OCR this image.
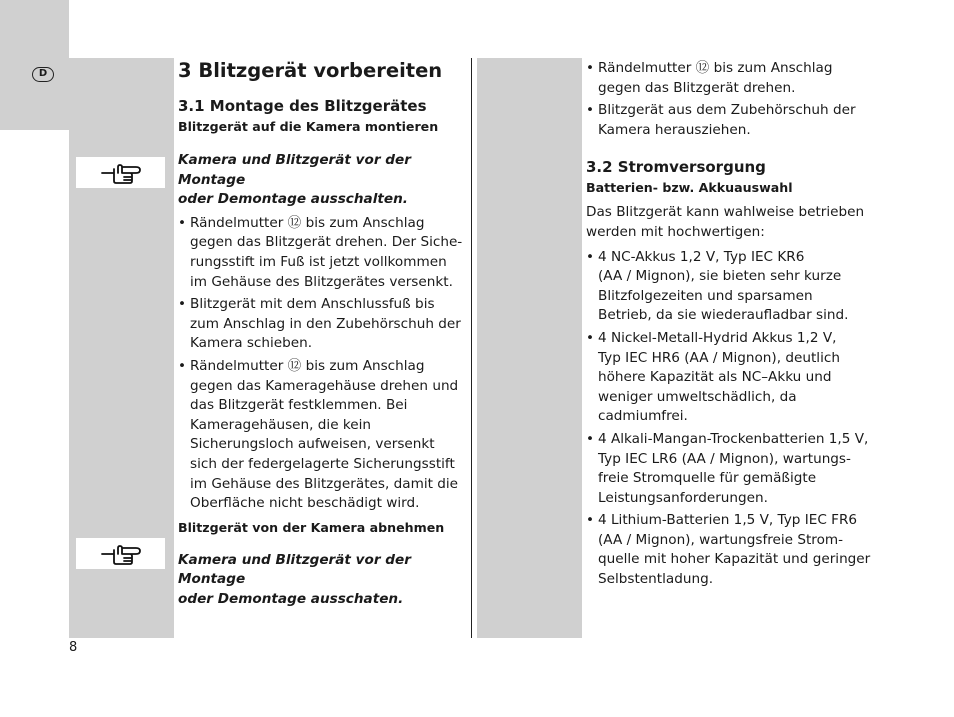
D	3 Blitzgerät vorbereiten
3.1 Montage des Blitzgerätes
Blitzgerät auf die Kamera montieren
Kamera und Blitzgerät vor der Montage
oder Demontage ausschalten.
• Rändelmutter ⑫ bis zum Anschlag
gegen das Blitzgerät drehen. Der Siche-
rungsstift im Fuß ist jetzt vollkommen
im Gehäuse des Blitzgerätes versenkt.
• Blitzgerät mit dem Anschlussfuß bis
zum Anschlag in den Zubehörschuh der
Kamera schieben.
• Rändelmutter ⑫ bis zum Anschlag
gegen das Kameragehäuse drehen und
das Blitzgerät festklemmen. Bei
Kameragehäusen, die kein
Sicherungsloch aufweisen, versenkt
sich der federgelagerte Sicherungsstift
im Gehäuse des Blitzgerätes, damit die
Oberfläche nicht beschädigt wird.
Blitzgerät von der Kamera abnehmen
Kamera und Blitzgerät vor der Montage
oder Demontage ausschaten.
• Rändelmutter ⑫ bis zum Anschlag
gegen das Blitzgerät drehen.
• Blitzgerät aus dem Zubehörschuh der
Kamera herausziehen.
3.2 Stromversorgung
Batterien- bzw. Akkuauswahl
Das Blitzgerät kann wahlweise betrieben
werden mit hochwertigen:
• 4 NC-Akkus 1,2 V, Typ IEC KR6
(AA / Mignon), sie bieten sehr kurze
Blitzfolgezeiten und sparsamen
Betrieb, da sie wiederaufladbar sind.
• 4 Nickel-Metall-Hydrid Akkus 1,2 V,
Typ IEC HR6 (AA / Mignon), deutlich
höhere Kapazität als NC–Akku und
weniger umweltschädlich, da
cadmiumfrei.
• 4 Alkali-Mangan-Trockenbatterien 1,5 V,
Typ IEC LR6 (AA / Mignon), wartungs-
freie Stromquelle für gemäßigte
Leistungsanforderungen.
• 4 Lithium-Batterien 1,5 V, Typ IEC FR6
(AA / Mignon), wartungsfreie Strom-
quelle mit hoher Kapazität und geringer
Selbstentladung.
8
